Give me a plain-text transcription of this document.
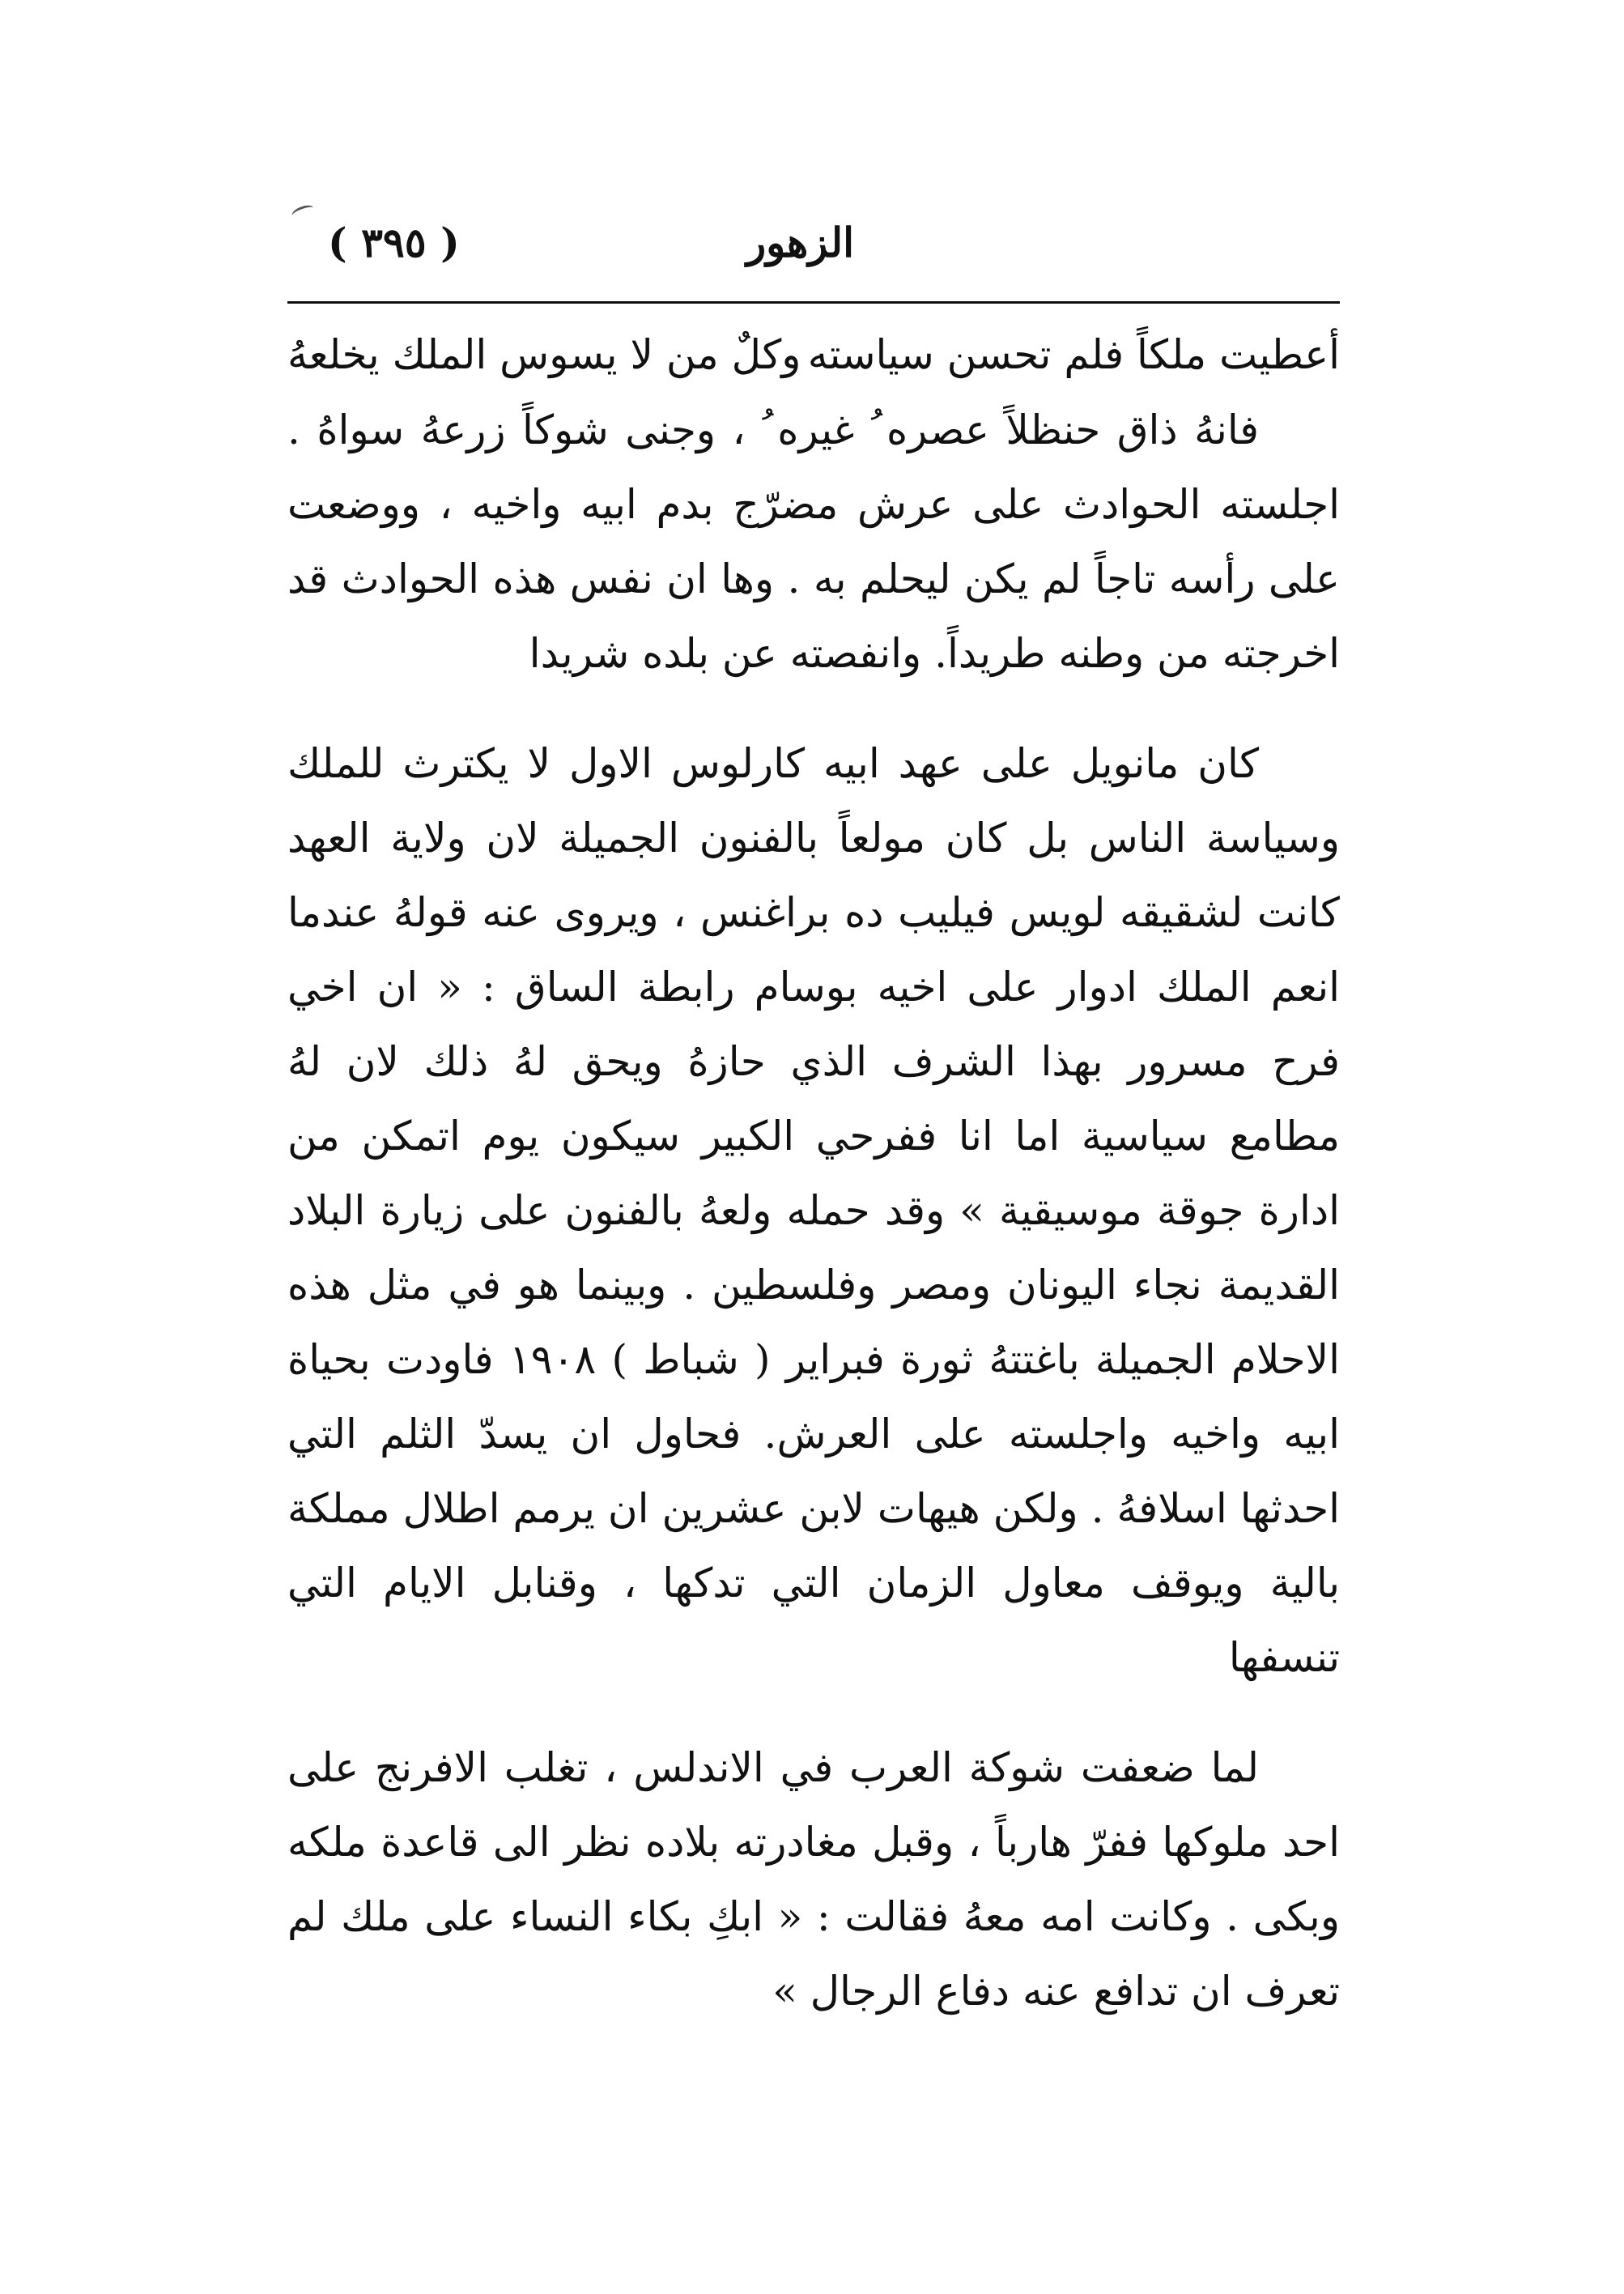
( ٣٩٥ )	الزهور
أعطيت ملكاً فلم تحسن سياسته
وكلٌ من لا يسوس الملك يخلعهُ

فانهُ ذاق حنظلاً عصره ُ غيره ُ ، وجنى شوكاً زرعهُ سواهُ . اجلسته الحوادث على عرش مضرّج بدم ابيه واخيه ، ووضعت على رأسه تاجاً لم يكن ليحلم به . وها ان نفس هذه الحوادث قد اخرجته من وطنه طريداً. وانفصته عن بلده شريدا

كان مانويل على عهد ابيه كارلوس الاول لا يكترث للملك وسياسة الناس بل كان مولعاً بالفنون الجميلة لان ولاية العهد كانت لشقيقه لويس فيليب ده براغنس ، ويروى عنه قولهُ عندما انعم الملك ادوار على اخيه بوسام رابطة الساق : « ان اخي فرح مسرور بهذا الشرف الذي حازهُ ويحق لهُ ذلك لان لهُ مطامع سياسية اما انا ففرحي الكبير سيكون يوم اتمكن من ادارة جوقة موسيقية » وقد حمله ولعهُ بالفنون على زيارة البلاد القديمة نجاء اليونان ومصر وفلسطين . وبينما هو في مثل هذه الاحلام الجميلة باغتتهُ ثورة فبراير ( شباط ) ١٩٠٨ فاودت بحياة ابيه واخيه واجلسته على العرش. فحاول ان يسدّ الثلم التي احدثها اسلافهُ . ولكن هيهات لابن عشرين ان يرمم اطلال مملكة بالية ويوقف معاول الزمان التي تدكها ، وقنابل الايام التي تنسفها

لما ضعفت شوكة العرب في الاندلس ، تغلب الافرنج على احد ملوكها ففرّ هارباً ، وقبل مغادرته بلاده نظر الى قاعدة ملكه وبكى . وكانت امه معهُ فقالت : « ابكِ بكاء النساء على ملك لم تعرف ان تدافع عنه دفاع الرجال »
